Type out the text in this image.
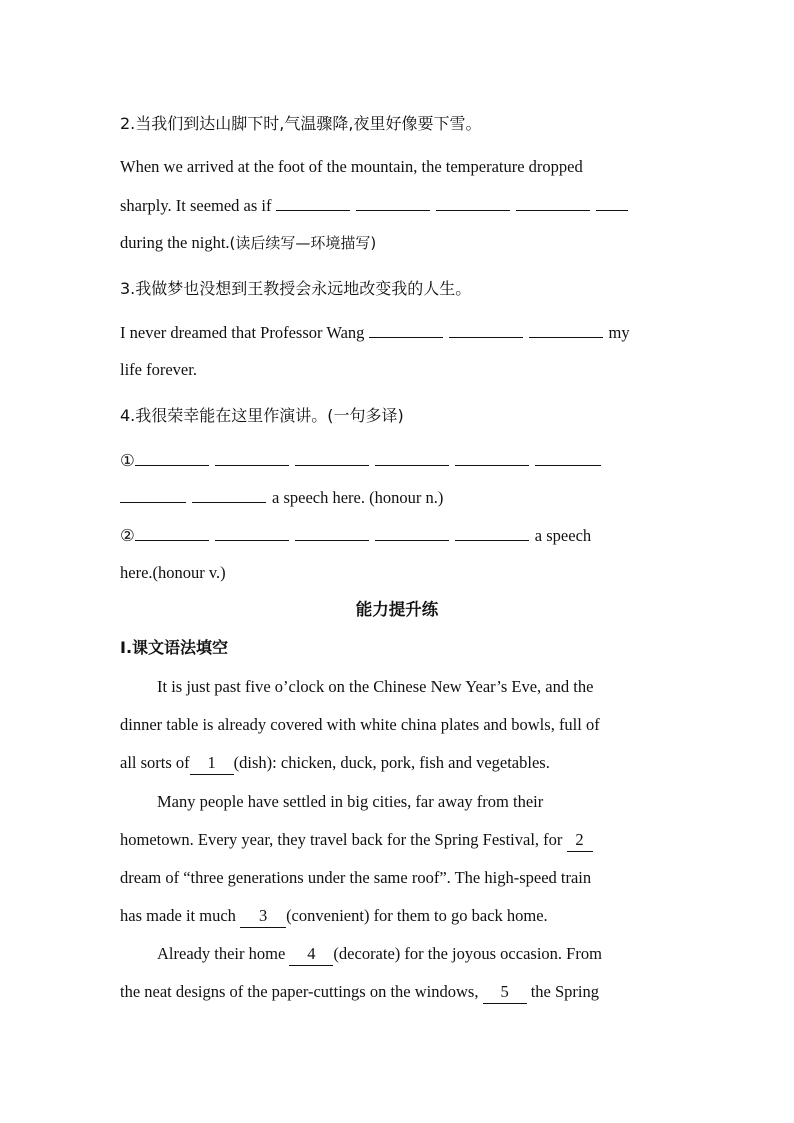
2.当我们到达山脚下时,气温骤降,夜里好像要下雪。
When we arrived at the foot of the mountain, the temperature dropped
sharply. It seemed as if
during the night.(读后续写—环境描写)
3.我做梦也没想到王教授会永远地改变我的人生。
I never dreamed that Professor Wang	my
life forever.
4.我很荣幸能在这里作演讲。(一句多译)
①
a speech here. (honour n.)
②	a speech
here.(honour v.)
能力提升练
Ⅰ.课文语法填空
It is just past five o’clock on the Chinese New Year’s Eve, and the
dinner table is already covered with white china plates and bowls, full of
all sorts of 1 (dish): chicken, duck, pork, fish and vegetables.
Many people have settled in big cities, far away from their
hometown. Every year, they travel back for the Spring Festival, for 2
dream of “three generations under the same roof”. The high-speed train
has made it much 3 (convenient) for them to go back home.
Already their home 4 (decorate) for the joyous occasion. From
the neat designs of the paper-cuttings on the windows, 5 the Spring
